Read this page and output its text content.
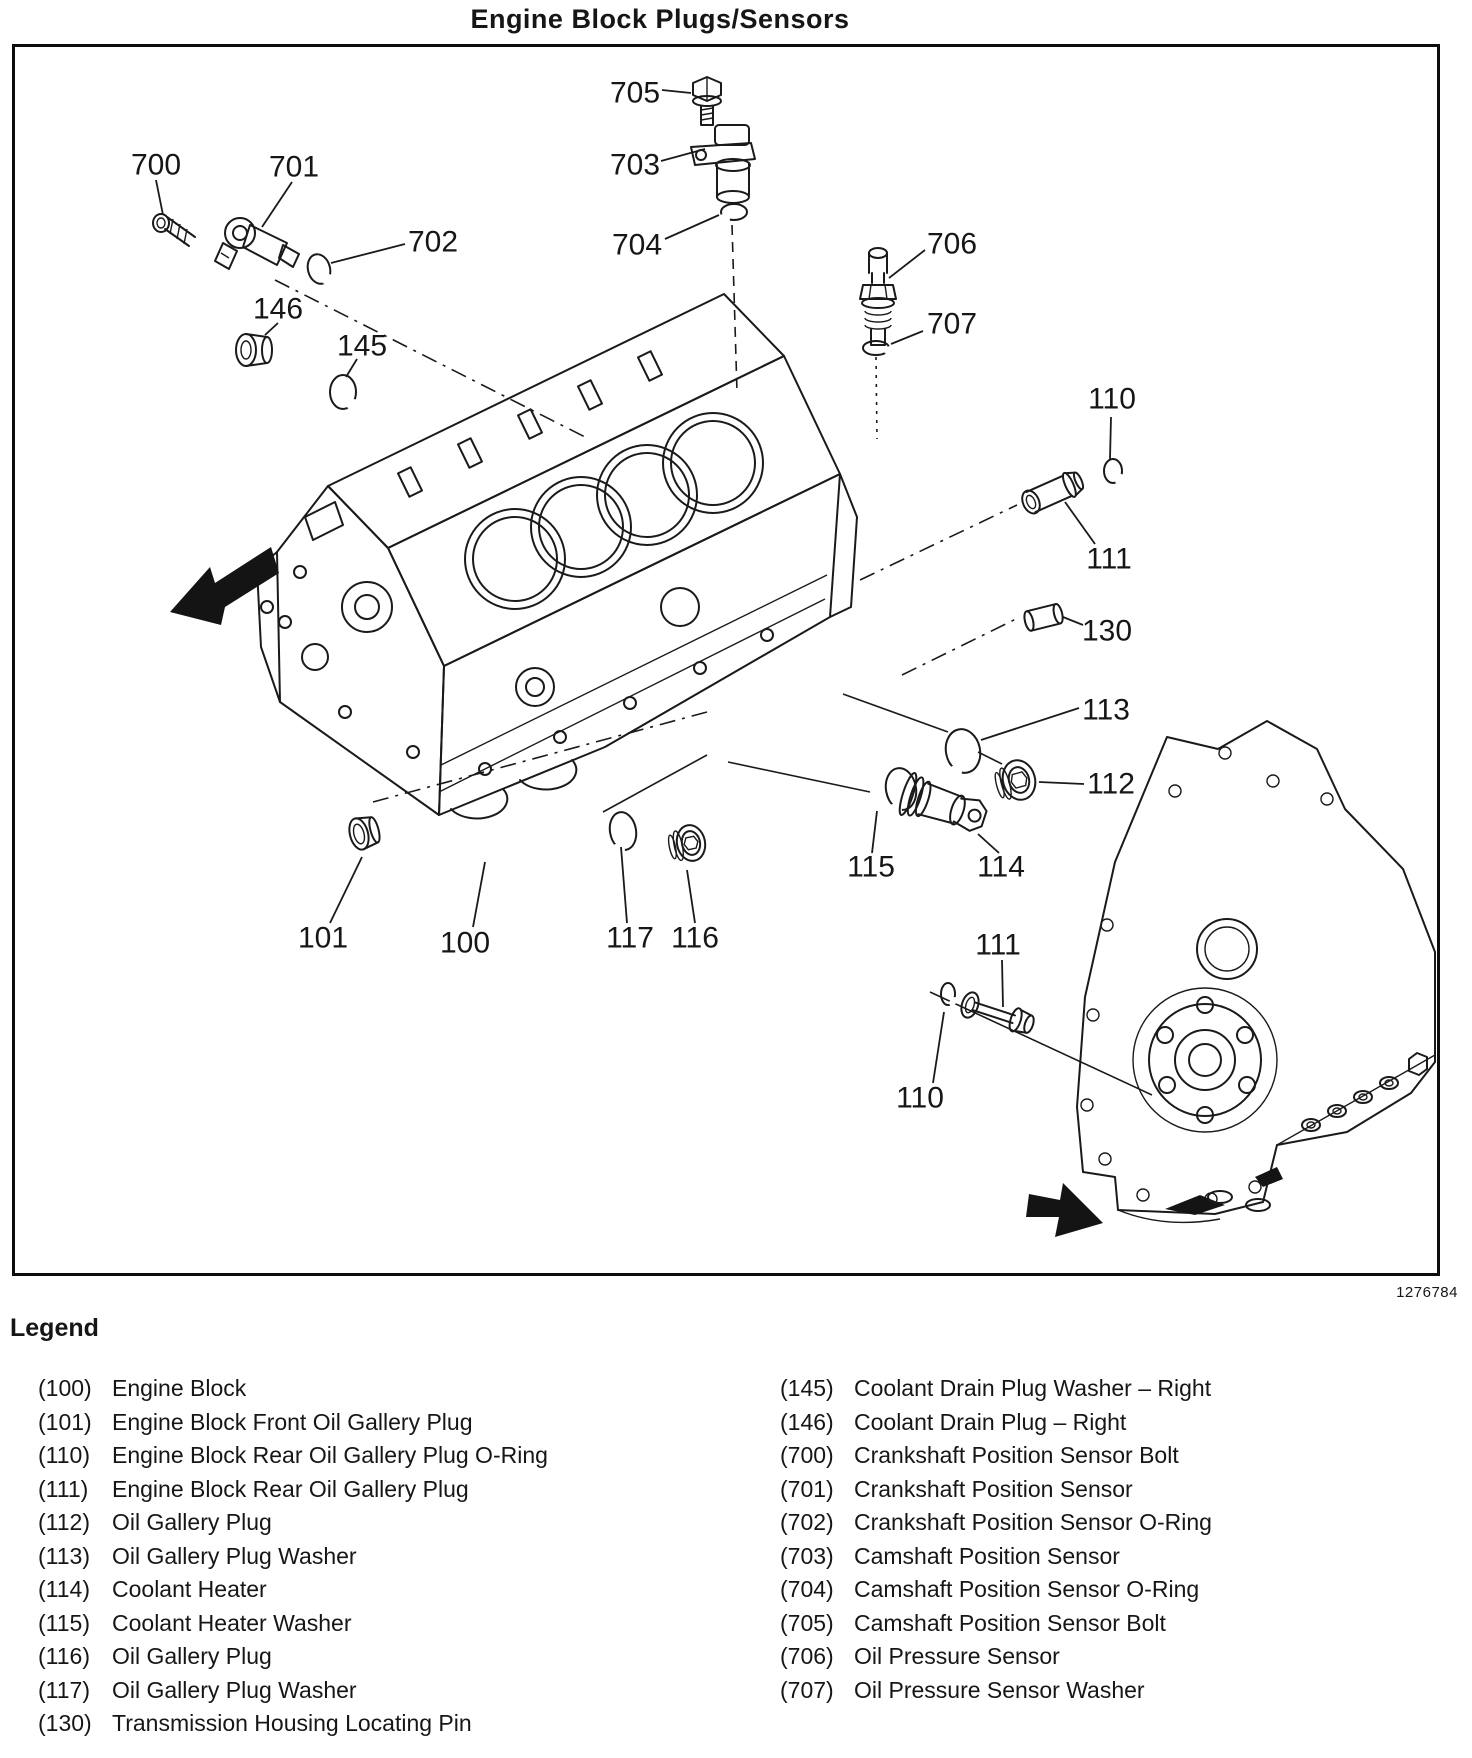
Engine Block Plugs/Sensors
705
703
704
700	701
702	706
707
146
145
110
111
130
113
112
115	114
101	100	117 116	111
110
1276784
Legend
(100) Engine Block
(101) Engine Block Front Oil Gallery Plug
(110) Engine Block Rear Oil Gallery Plug O-Ring
(111)	Engine Block Rear Oil Gallery Plug
(112) Oil Gallery Plug
(113) Oil Gallery Plug Washer
(114) Coolant Heater
(115) Coolant Heater Washer
(116) Oil Gallery Plug
(117) Oil Gallery Plug Washer
(130) Transmission Housing Locating Pin
(145) Coolant Drain Plug Washer – Right
(146) Coolant Drain Plug – Right
(700) Crankshaft Position Sensor Bolt
(701) Crankshaft Position Sensor
(702) Crankshaft Position Sensor O-Ring
(703) Camshaft Position Sensor
(704) Camshaft Position Sensor O-Ring
(705) Camshaft Position Sensor Bolt
(706) Oil Pressure Sensor
(707) Oil Pressure Sensor Washer
